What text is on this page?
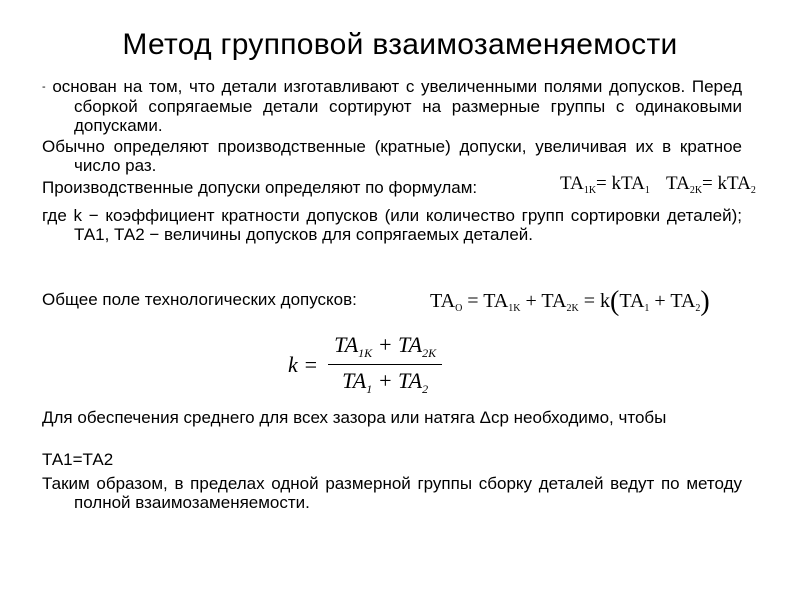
Метод групповой взаимозаменяемости
- основан на том, что детали изготавливают с увеличенными полями допусков. Перед сборкой сопрягаемые детали сортируют на размерные группы с одинаковыми допусками.
Обычно определяют производственные (кратные) допуски, увеличивая их в кратное число раз.
Производственные допуски определяют по формулам:	$TA_{1K}= kTA_1$ $TA_{2K}= kTA_2$
где k − коэффициент кратности допусков (или количество групп сортировки деталей); ТА1, ТА2 − величины допусков для сопрягаемых деталей.
Общее поле технологических допусков:	$TA_O = TA_{1K} + TA_{2K} = k(TA_1 + TA_2)$
$k = \frac{TA_{1K} + TA_{2K}}{TA_1 + TA_2}$
Для обеспечения среднего для всех зазора или натяга Δср необходимо, чтобы
ТА1=ТА2
Таким образом, в пределах одной размерной группы сборку деталей ведут по методу полной взаимозаменяемости.
